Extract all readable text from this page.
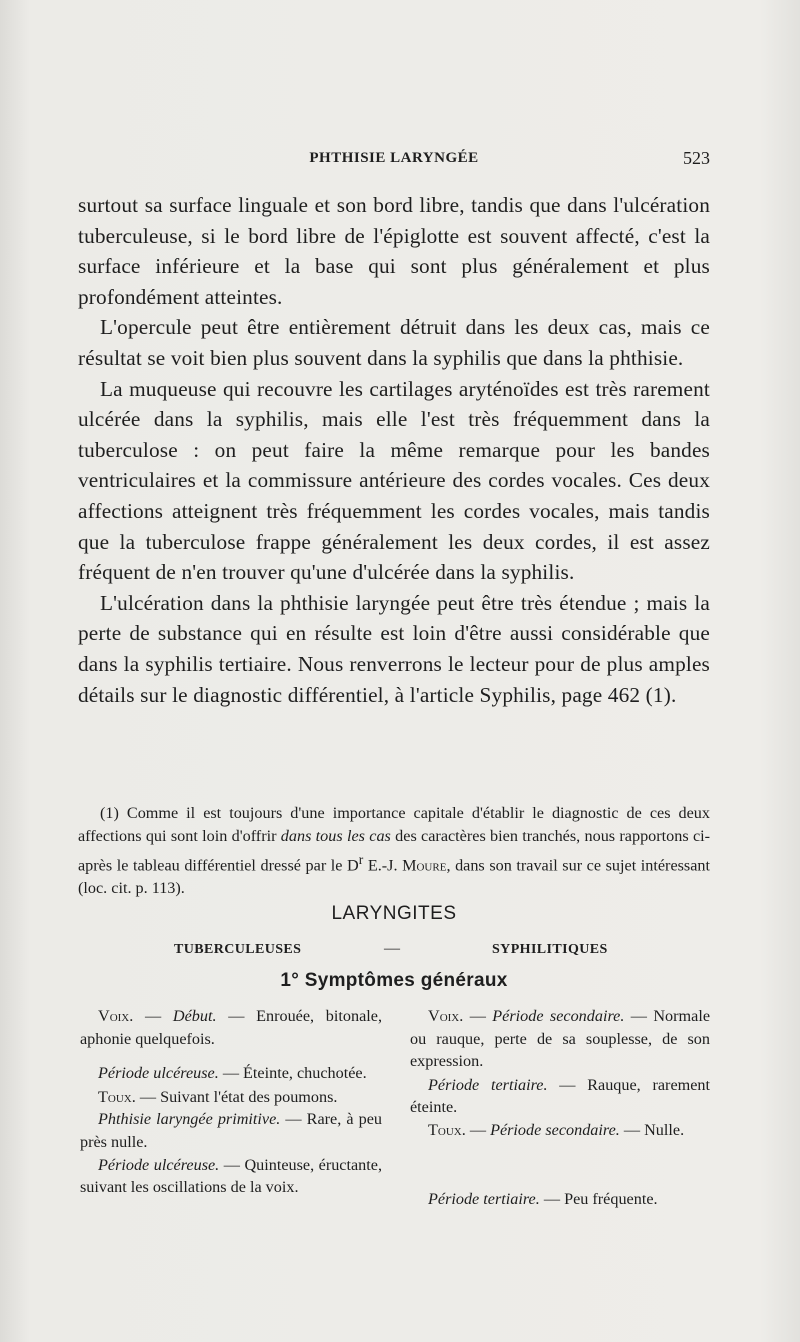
PHTHISIE LARYNGÉE	523

surtout sa surface linguale et son bord libre, tandis que dans l'ulcération tuberculeuse, si le bord libre de l'épiglotte est souvent affecté, c'est la surface inférieure et la base qui sont plus généralement et plus profondément atteintes.

L'opercule peut être entièrement détruit dans les deux cas, mais ce résultat se voit bien plus souvent dans la syphilis que dans la phthisie.

La muqueuse qui recouvre les cartilages aryténoïdes est très rarement ulcérée dans la syphilis, mais elle l'est très fréquemment dans la tuberculose : on peut faire la même remarque pour les bandes ventriculaires et la commissure antérieure des cordes vocales. Ces deux affections atteignent très fréquemment les cordes vocales, mais tandis que la tuberculose frappe généralement les deux cordes, il est assez fréquent de n'en trouver qu'une d'ulcérée dans la syphilis.

L'ulcération dans la phthisie laryngée peut être très étendue ; mais la perte de substance qui en résulte est loin d'être aussi considérable que dans la syphilis tertiaire. Nous renverrons le lecteur pour de plus amples détails sur le diagnostic différentiel, à l'article Syphilis, page 462 (1).

(1) Comme il est toujours d'une importance capitale d'établir le diagnostic de ces deux affections qui sont loin d'offrir dans tous les cas des caractères bien tranchés, nous rapportons ci-après le tableau différentiel dressé par le $D^r$ E.-J. Moure, dans son travail sur ce sujet intéressant (loc. cit. p. 113).

LARYNGITES
TUBERCULEUSES	—	SYPHILITIQUES
1° Symptômes généraux

Voix. — Début. — Enrouée, bitonale, aphonie quelquefois.

Période ulcéreuse. — Éteinte, chuchotée.

Toux. — Suivant l'état des poumons.

Phthisie laryngée primitive. — Rare, à peu près nulle.

Période ulcéreuse. — Quinteuse, éructante, suivant les oscillations de la voix.

Voix. — Période secondaire. — Normale ou rauque, perte de sa souplesse, de son expression.

Période tertiaire. — Rauque, rarement éteinte.

Toux. — Période secondaire. — Nulle.

Période tertiaire. — Peu fréquente.
